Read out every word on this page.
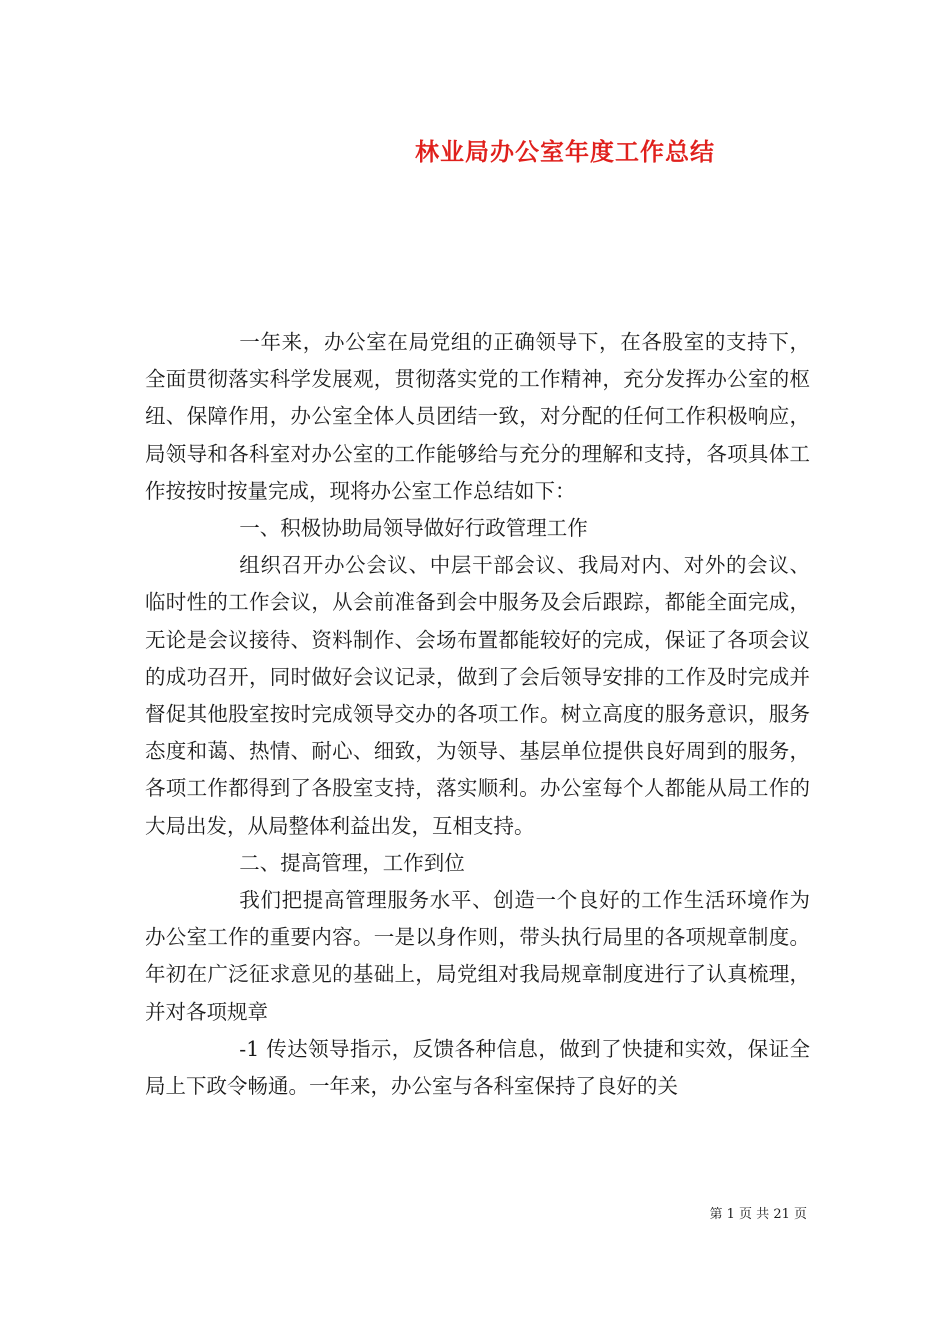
林业局办公室年度工作总结

一年来，办公室在局党组的正确领导下，在各股室的支持下，全面贯彻落实科学发展观，贯彻落实党的工作精神，充分发挥办公室的枢纽、保障作用，办公室全体人员团结一致，对分配的任何工作积极响应，局领导和各科室对办公室的工作能够给与充分的理解和支持，各项具体工作按按时按量完成，现将办公室工作总结如下：

一、积极协助局领导做好行政管理工作

组织召开办公会议、中层干部会议、我局对内、对外的会议、临时性的工作会议，从会前准备到会中服务及会后跟踪，都能全面完成，无论是会议接待、资料制作、会场布置都能较好的完成，保证了各项会议的成功召开，同时做好会议记录，做到了会后领导安排的工作及时完成并督促其他股室按时完成领导交办的各项工作。树立高度的服务意识，服务态度和蔼、热情、耐心、细致，为领导、基层单位提供良好周到的服务，各项工作都得到了各股室支持，落实顺利。办公室每个人都能从局工作的大局出发，从局整体利益出发，互相支持。

二、提高管理，工作到位

我们把提高管理服务水平、创造一个良好的工作生活环境作为办公室工作的重要内容。一是以身作则，带头执行局里的各项规章制度。年初在广泛征求意见的基础上，局党组对我局规章制度进行了认真梳理，并对各项规章

-1 传达领导指示，反馈各种信息，做到了快捷和实效，保证全局上下政令畅通。一年来，办公室与各科室保持了良好的关

第 1 页 共 21 页
